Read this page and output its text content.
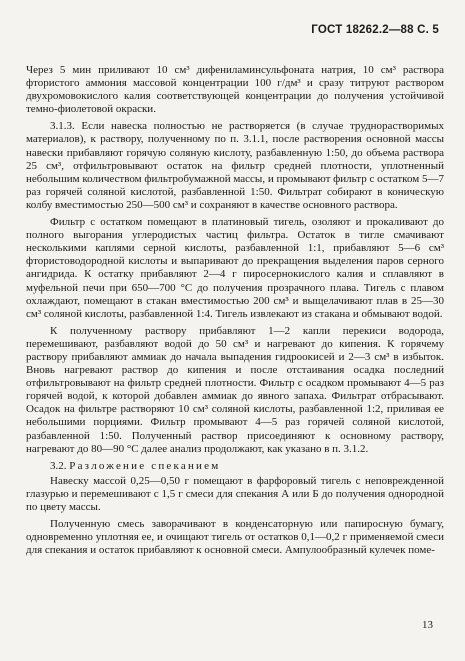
ГОСТ 18262.2—88 С. 5

Через 5 мин приливают 10 см³ дифениламинсульфоната натрия, 10 см³ раствора фтористого аммония массовой концентрации 100 г/дм³ и сразу титруют раствором двухромовокислого калия соответствующей концентрации до получения устойчивой темно-фиолетовой окраски.

3.1.3. Если навеска полностью не растворяется (в случае труднорастворимых материалов), к раствору, полученному по п. 3.1.1, после растворения основной массы навески прибавляют горячую соляную кислоту, разбавленную 1:50, до объема раствора 25 см³, отфильтровывают остаток на фильтр средней плотности, уплотненный небольшим количеством фильтробумажной массы, и промывают фильтр с остатком 5—7 раз горячей соляной кислотой, разбавленной 1:50. Фильтрат собирают в коническую колбу вместимостью 250—500 см³ и сохраняют в качестве основного раствора.

Фильтр с остатком помещают в платиновый тигель, озоляют и прокаливают до полного выгорания углеродистых частиц фильтра. Остаток в тигле смачивают несколькими каплями серной кислоты, разбавленной 1:1, прибавляют 5—6 см³ фтористоводородной кислоты и выпаривают до прекращения выделения паров серного ангидрида. К остатку прибавляют 2—4 г пиросернокислого калия и сплавляют в муфельной печи при 650—700 °С до получения прозрачного плава. Тигель с плавом охлаждают, помещают в стакан вместимостью 200 см³ и выщелачивают плав в 25—30 см³ соляной кислоты, разбавленной 1:4. Тигель извлекают из стакана и обмывают водой.

К полученному раствору прибавляют 1—2 капли перекиси водорода, перемешивают, разбавляют водой до 50 см³ и нагревают до кипения. К горячему раствору прибавляют аммиак до начала выпадения гидроокисей и 2—3 см³ в избыток. Вновь нагревают раствор до кипения и после отстаивания осадка последний отфильтровывают на фильтр средней плотности. Фильтр с осадком промывают 4—5 раз горячей водой, к которой добавлен аммиак до явного запаха. Фильтрат отбрасывают. Осадок на фильтре растворяют 10 см³ соляной кислоты, разбавленной 1:2, приливая ее небольшими порциями. Фильтр промывают 4—5 раз горячей соляной кислотой, разбавленной 1:50. Полученный раствор присоединяют к основному раствору, нагревают до 80—90 °С далее анализ продолжают, как указано в п. 3.1.2.

3.2. Разложение спеканием

Навеску массой 0,25—0,50 г помещают в фарфоровый тигель с неповрежденной глазурью и перемешивают с 1,5 г смеси для спекания А или Б до получения однородной по цвету массы.

Полученную смесь заворачивают в конденсаторную или папиросную бумагу, одновременно уплотняя ее, и очищают тигель от остатков 0,1—0,2 г применяемой смеси для спекания и остаток прибавляют к основной смеси. Ампулообразный кулечек поме-

13
